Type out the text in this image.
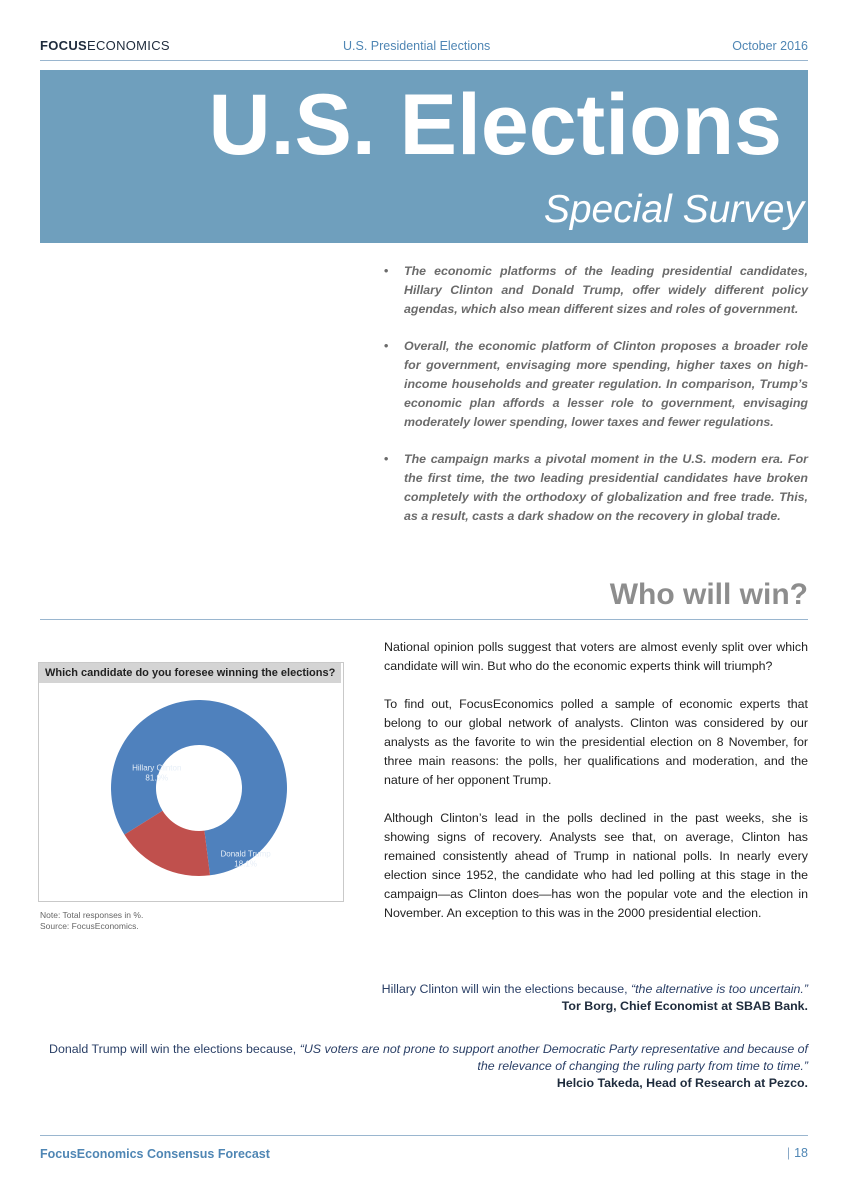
FOCUSECONOMICS	U.S. Presidential Elections	October 2016
U.S. Elections
Special Survey
• The economic platforms of the leading presidential candidates, Hillary Clinton and Donald Trump, offer widely different policy agendas, which also mean different sizes and roles of government.
• Overall, the economic platform of Clinton proposes a broader role for government, envisaging more spending, higher taxes on high-income households and greater regulation. In comparison, Trump’s economic plan affords a lesser role to government, envisaging moderately lower spending, lower taxes and fewer regulations.
• The campaign marks a pivotal moment in the U.S. modern era. For the first time, the two leading presidential candidates have broken completely with the orthodoxy of globalization and free trade. This, as a result, casts a dark shadow on the recovery in global trade.
Who will win?
Which candidate do you foresee winning the elections?
Hillary Clinton
81.9%
Donald Trump
18.1%
Note: Total responses in %.
Source: FocusEconomics.

National opinion polls suggest that voters are almost evenly split over which candidate will win. But who do the economic experts think will triumph?

To find out, FocusEconomics polled a sample of economic experts that belong to our global network of analysts. Clinton was considered by our analysts as the favorite to win the presidential election on 8 November, for three main reasons: the polls, her qualifications and moderation, and the nature of her opponent Trump.

Although Clinton’s lead in the polls declined in the past weeks, she is showing signs of recovery. Analysts see that, on average, Clinton has remained consistently ahead of Trump in national polls. In nearly every election since 1952, the candidate who had led polling at this stage in the campaign—as Clinton does—has won the popular vote and the election in November. An exception to this was in the 2000 presidential election.

Hillary Clinton will win the elections because, “the alternative is too uncertain.”
Tor Borg, Chief Economist at SBAB Bank.
Donald Trump will win the elections because, “US voters are not prone to support another Democratic Party representative and because of the relevance of changing the ruling party from time to time.”
Helcio Takeda, Head of Research at Pezco.
FocusEconomics Consensus Forecast	| 18
